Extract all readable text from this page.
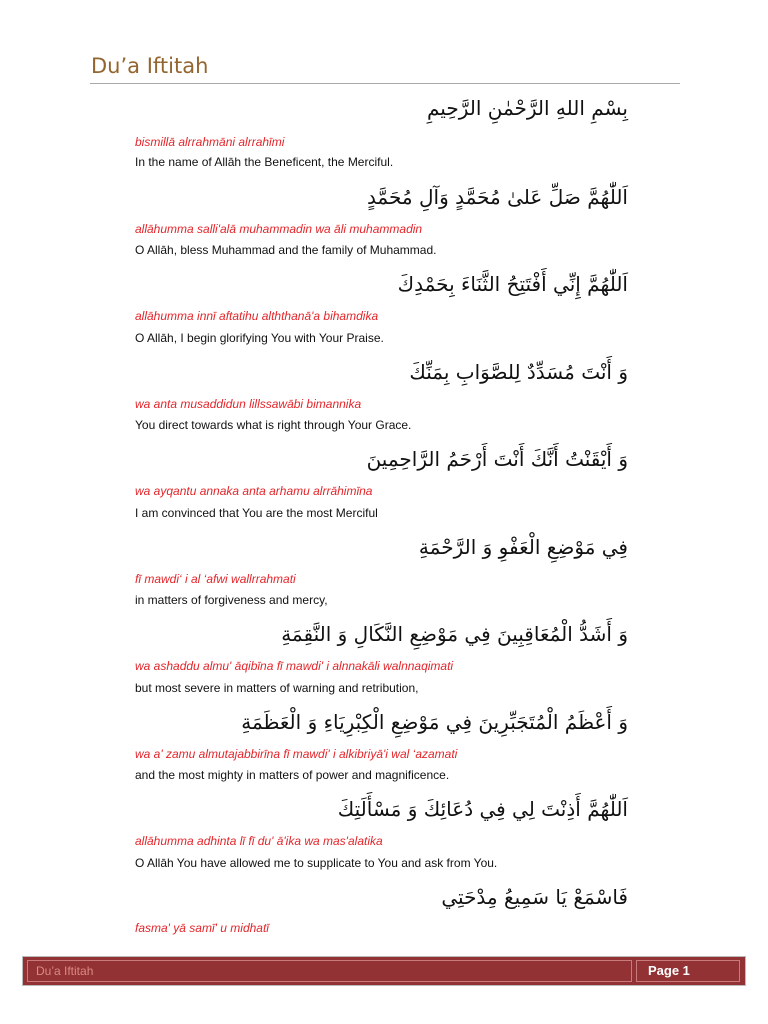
Du’a Iftitah
بِسْمِ اللهِ الرَّحْمٰنِ الرَّحِيمِ
bismillā alrrahmāni alrrahīmi
In the name of Allāh the Beneficent, the Merciful.
اَللّٰهُمَّ صَلِّ عَلىٰ مُحَمَّدٍ وَآلِ مُحَمَّدٍ
allāhumma salli'alā muhammadin wa āli muhammadin
O Allāh, bless Muhammad and the family of Muhammad.
اَللّٰهُمَّ إِنِّي أَفْتَتِحُ الثَّنَاءَ بِحَمْدِكَ
allāhumma innī aftatihu alththanā'a bihamdika
O Allāh, I begin glorifying You with Your Praise.
وَ أَنْتَ مُسَدِّدٌ لِلصَّوَابِ بِمَنِّكَ
wa anta musaddidun lillssawābi bimannika
You direct towards what is right through Your Grace.
وَ أَيْقَنْتُ أَنَّكَ أَنْتَ أَرْحَمُ الرَّاحِمِينَ
wa ayqantu annaka anta arhamu alrrāhimīna
I am convinced that You are the most Merciful
فِي مَوْضِعِ الْعَفْوِ وَ الرَّحْمَةِ
fī mawdi‘ i al ‘afwi wallrrahmati
in matters of forgiveness and mercy,
وَ أَشَدُّ الْمُعَاقِبِينَ فِي مَوْضِعِ النَّكَالِ وَ النَّقِمَةِ
wa ashaddu almu' āqibīna fī mawdi' i alnnakāli walnnaqimati
but most severe in matters of warning and retribution,
وَ أَعْظَمُ الْمُتَجَبِّرِينَ فِي مَوْضِعِ الْكِبْرِيَاءِ وَ الْعَظَمَةِ
wa a' zamu almutajabbirīna fī mawdi' i alkibriyā'i wal ‘azamati
and the most mighty in matters of power and magnificence.
اَللّٰهُمَّ أَذِنْتَ لِي فِي دُعَائِكَ وَ مَسْأَلَتِكَ
allāhumma adhinta lī fī du' ā'ika wa mas'alatika
O Allāh You have allowed me to supplicate to You and ask from You.
فَاسْمَعْ يَا سَمِيعُ مِدْحَتِي
fasma' yā samī' u midhatī
Du’a Iftitah	Page 1
